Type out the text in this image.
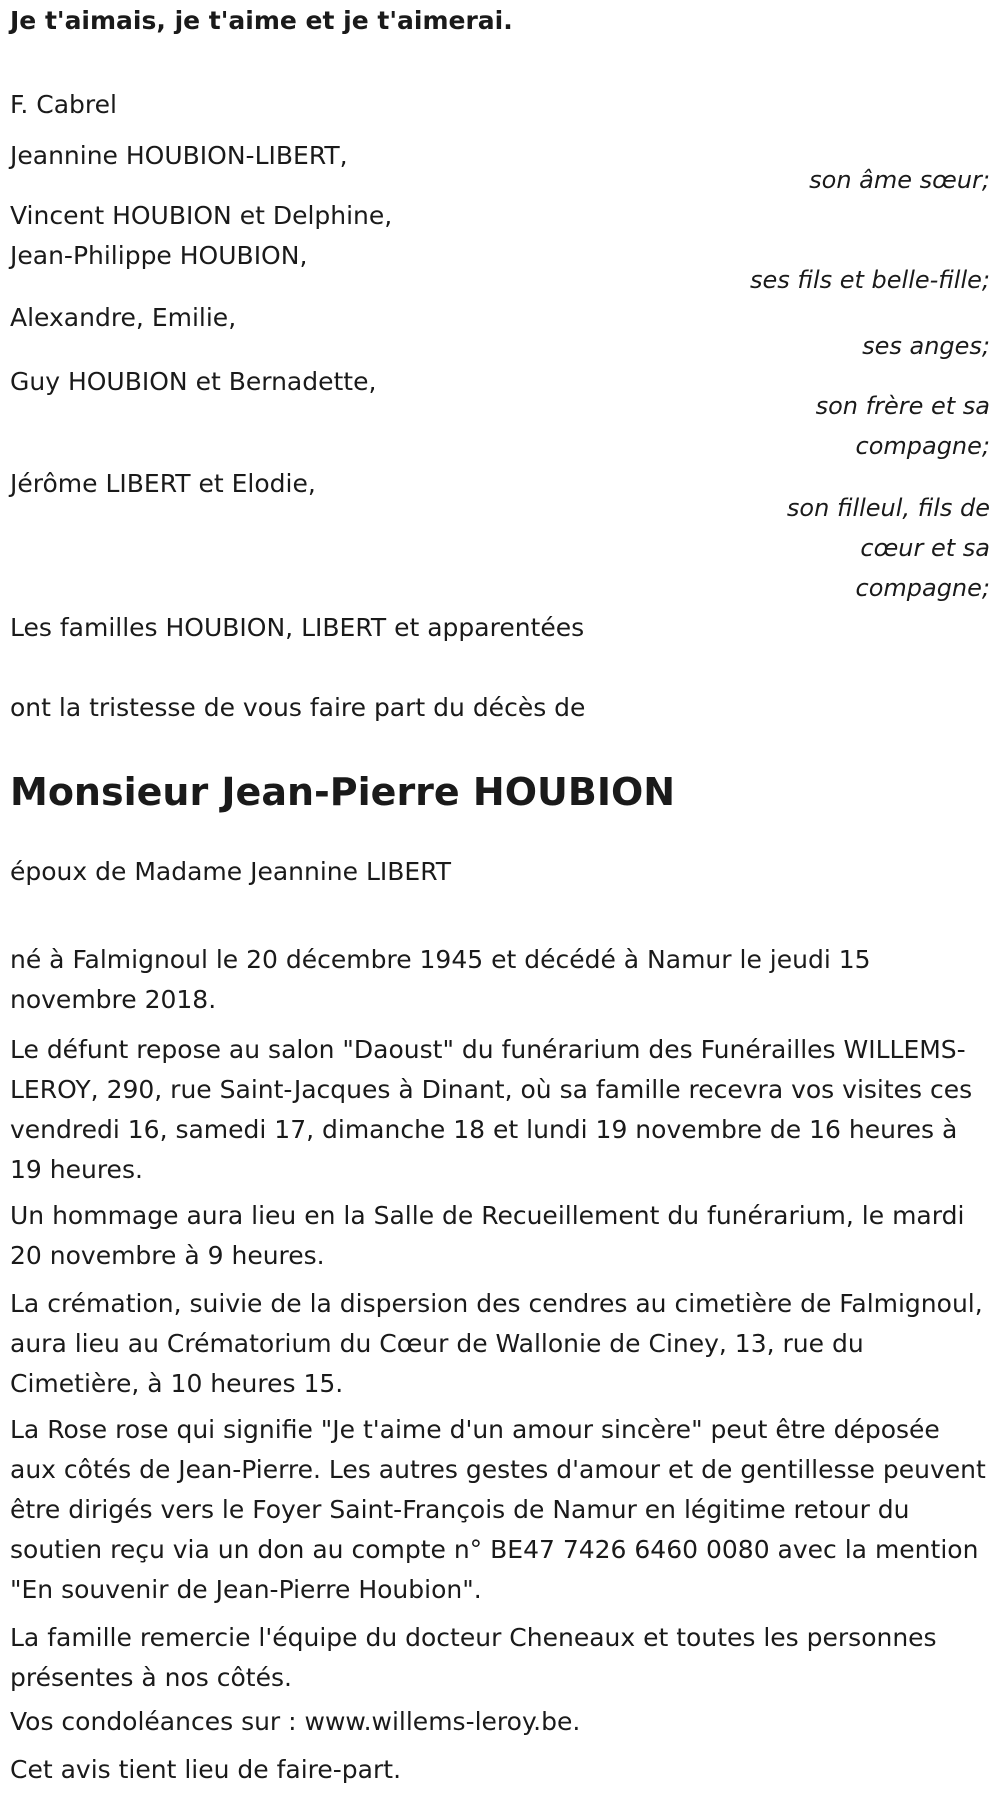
Je t'aimais, je t'aime et je t'aimerai.
F. Cabrel
Jeannine HOUBION-LIBERT,
son âme sœur;
Vincent HOUBION et Delphine,
Jean-Philippe HOUBION,
ses fils et belle-fille;
Alexandre, Emilie,
ses anges;
Guy HOUBION et Bernadette,
son frère et sa compagne;
Jérôme LIBERT et Elodie,
son filleul, fils de cœur et sa compagne;

Les familles HOUBION, LIBERT et apparentées

ont la tristesse de vous faire part du décès de

Monsieur Jean-Pierre HOUBION

époux de Madame Jeannine LIBERT

né à Falmignoul le 20 décembre 1945 et décédé à Namur le jeudi 15 novembre 2018.

Le défunt repose au salon "Daoust" du funérarium des Funérailles WILLEMS-LEROY, 290, rue Saint-Jacques à Dinant, où sa famille recevra vos visites ces vendredi 16, samedi 17, dimanche 18 et lundi 19 novembre de 16 heures à 19 heures.

Un hommage aura lieu en la Salle de Recueillement du funérarium, le mardi 20 novembre à 9 heures.

La crémation, suivie de la dispersion des cendres au cimetière de Falmignoul, aura lieu au Crématorium du Cœur de Wallonie de Ciney, 13, rue du Cimetière, à 10 heures 15.

La Rose rose qui signifie "Je t'aime d'un amour sincère" peut être déposée aux côtés de Jean-Pierre. Les autres gestes d'amour et de gentillesse peuvent être dirigés vers le Foyer Saint-François de Namur en légitime retour du soutien reçu via un don au compte n° BE47 7426 6460 0080 avec la mention "En souvenir de Jean-Pierre Houbion".

La famille remercie l'équipe du docteur Cheneaux et toutes les personnes présentes à nos côtés.

Vos condoléances sur : www.willems-leroy.be.

Cet avis tient lieu de faire-part.
